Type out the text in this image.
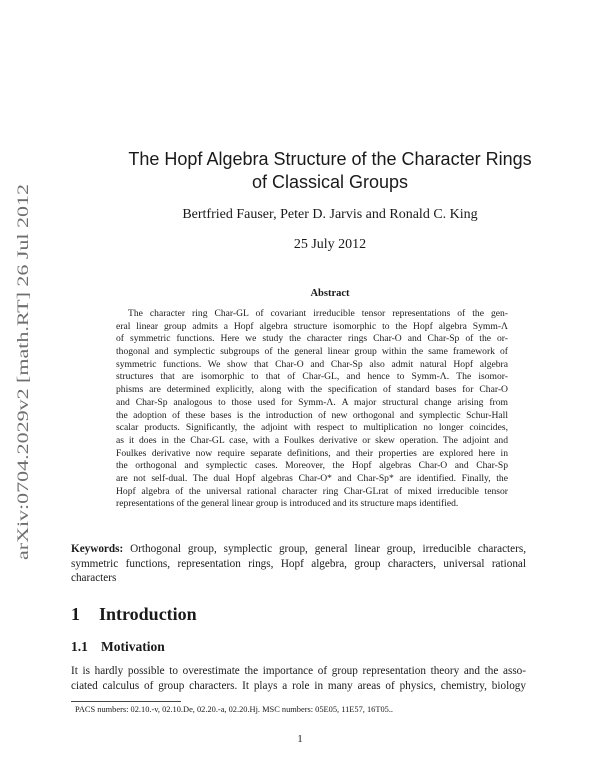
arXiv:0704.2029v2 [math.RT] 26 Jul 2012
The Hopf Algebra Structure of the Character Rings
of Classical Groups
Bertfried Fauser, Peter D. Jarvis and Ronald C. King
25 July 2012
Abstract
The character ring Char-GL of covariant irreducible tensor representations of the gen-
eral linear group admits a Hopf algebra structure isomorphic to the Hopf algebra Symm-Λ
of symmetric functions. Here we study the character rings Char-O and Char-Sp of the or-
thogonal and symplectic subgroups of the general linear group within the same framework of
symmetric functions. We show that Char-O and Char-Sp also admit natural Hopf algebra
structures that are isomorphic to that of Char-GL, and hence to Symm-Λ. The isomor-
phisms are determined explicitly, along with the specification of standard bases for Char-O
and Char-Sp analogous to those used for Symm-Λ. A major structural change arising from
the adoption of these bases is the introduction of new orthogonal and symplectic Schur-Hall
scalar products. Significantly, the adjoint with respect to multiplication no longer coincides,
as it does in the Char-GL case, with a Foulkes derivative or skew operation. The adjoint and
Foulkes derivative now require separate definitions, and their properties are explored here in
the orthogonal and symplectic cases. Moreover, the Hopf algebras Char-O and Char-Sp
are not self-dual. The dual Hopf algebras Char-O* and Char-Sp* are identified. Finally, the
Hopf algebra of the universal rational character ring Char-GLrat of mixed irreducible tensor
representations of the general linear group is introduced and its structure maps identified.
Keywords: Orthogonal group, symplectic group, general linear group, irreducible characters,
symmetric functions, representation rings, Hopf algebra, group characters, universal rational
characters
1 Introduction
1.1 Motivation
It is hardly possible to overestimate the importance of group representation theory and the asso-
ciated calculus of group characters. It plays a role in many areas of physics, chemistry, biology
PACS numbers: 02.10.-v, 02.10.De, 02.20.-a, 02.20.Hj. MSC numbers: 05E05, 11E57, 16T05..
1
